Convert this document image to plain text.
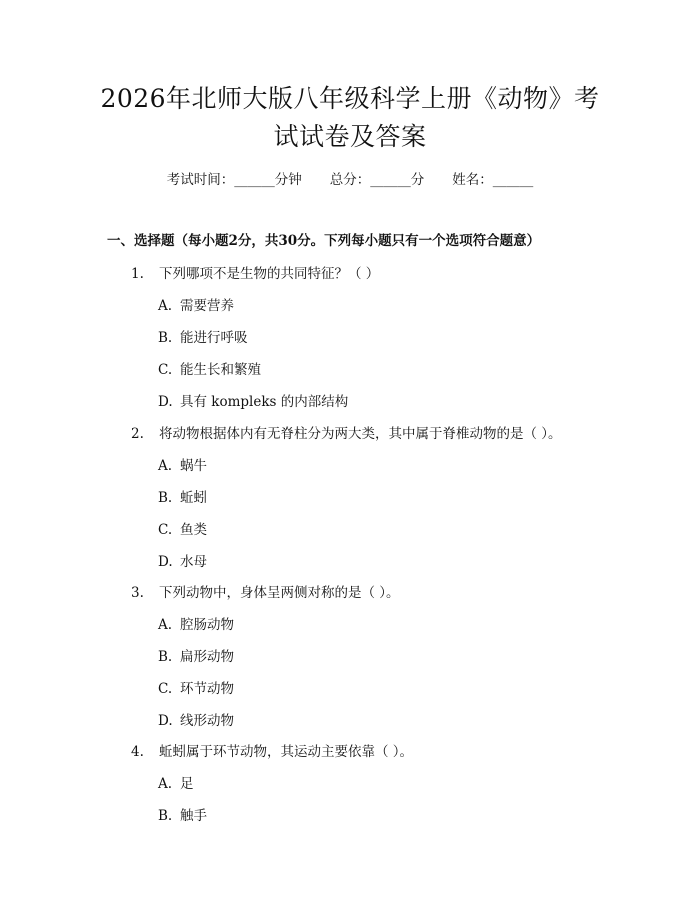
2026年北师大版八年级科学上册《动物》考
试试卷及答案
考试时间：______分钟 总分：______分 姓名：______
一、选择题（每小题2分，共30分。下列每小题只有一个选项符合题意）
1. 下列哪项不是生物的共同特征？（ ）
A. 需要营养
B. 能进行呼吸
C. 能生长和繁殖
D. 具有 kompleks 的内部结构
2. 将动物根据体内有无脊柱分为两大类，其中属于脊椎动物的是（ ）。
A. 蜗牛
B. 蚯蚓
C. 鱼类
D. 水母
3. 下列动物中，身体呈两侧对称的是（ ）。
A. 腔肠动物
B. 扁形动物
C. 环节动物
D. 线形动物
4. 蚯蚓属于环节动物，其运动主要依靠（ ）。
A. 足
B. 触手
